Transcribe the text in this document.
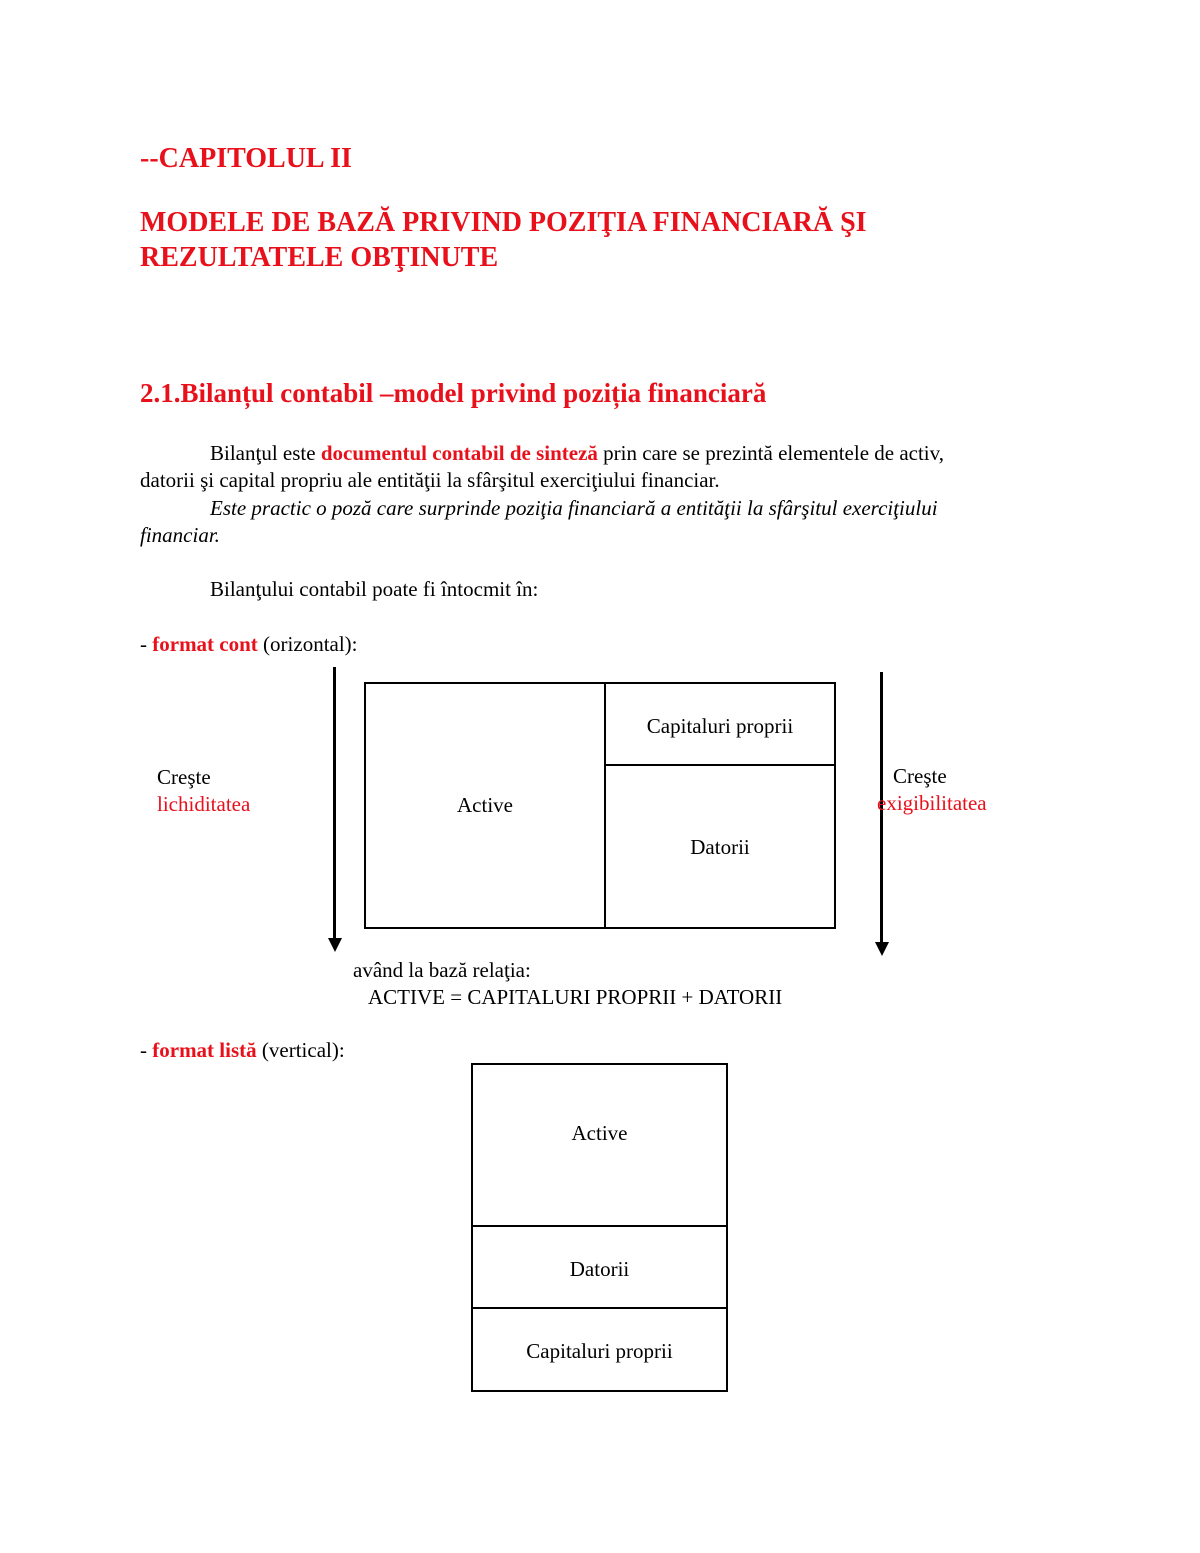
--CAPITOLUL II
MODELE DE BAZĂ PRIVIND POZIŢIA FINANCIARĂ ŞI
REZULTATELE OBŢINUTE
2.1.Bilanțul contabil –model privind poziția financiară
Bilanţul este documentul contabil de sinteză prin care se prezintă elementele de activ,
datorii şi capital propriu ale entităţii la sfârşitul exerciţiului financiar.
Este practic o poză care surprinde poziţia financiară a entităţii la sfârşitul exerciţiului
financiar.
Bilanţului contabil poate fi întocmit în:
- format cont (orizontal):
Creşte
lichiditatea	Active
Capitaluri proprii
Datorii
Creşte
exigibilitatea
având la bază relaţia:
ACTIVE = CAPITALURI PROPRII + DATORII
- format listă (vertical):
Active
Datorii
Capitaluri proprii
